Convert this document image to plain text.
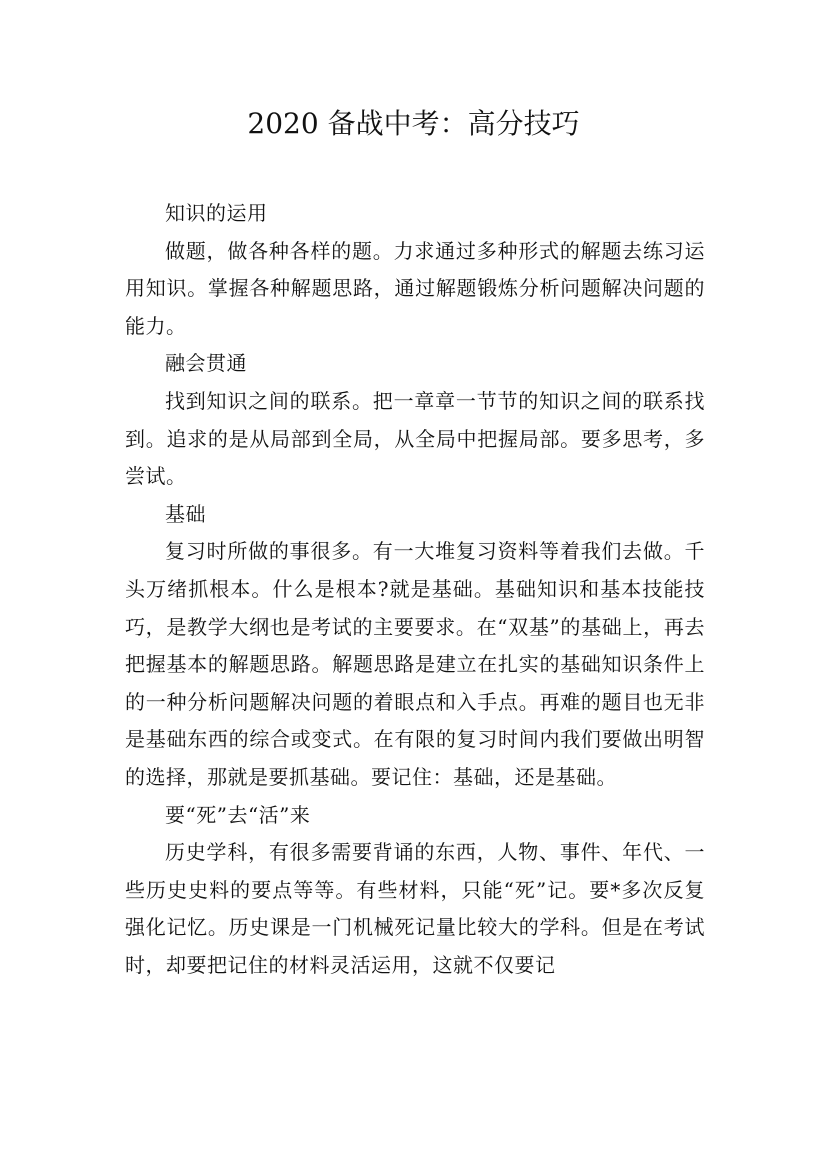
2020 备战中考：高分技巧

知识的运用

做题，做各种各样的题。力求通过多种形式的解题去练习运用知识。掌握各种解题思路，通过解题锻炼分析问题解决问题的能力。

融会贯通

找到知识之间的联系。把一章章一节节的知识之间的联系找到。追求的是从局部到全局，从全局中把握局部。要多思考，多尝试。

基础

复习时所做的事很多。有一大堆复习资料等着我们去做。千头万绪抓根本。什么是根本?就是基础。基础知识和基本技能技巧，是教学大纲也是考试的主要要求。在“双基”的基础上，再去把握基本的解题思路。解题思路是建立在扎实的基础知识条件上的一种分析问题解决问题的着眼点和入手点。再难的题目也无非是基础东西的综合或变式。在有限的复习时间内我们要做出明智的选择，那就是要抓基础。要记住：基础，还是基础。

要“死”去“活”来

历史学科，有很多需要背诵的东西，人物、事件、年代、一些历史史料的要点等等。有些材料，只能“死”记。要*多次反复强化记忆。历史课是一门机械死记量比较大的学科。但是在考试时，却要把记住的材料灵活运用，这就不仅要记
